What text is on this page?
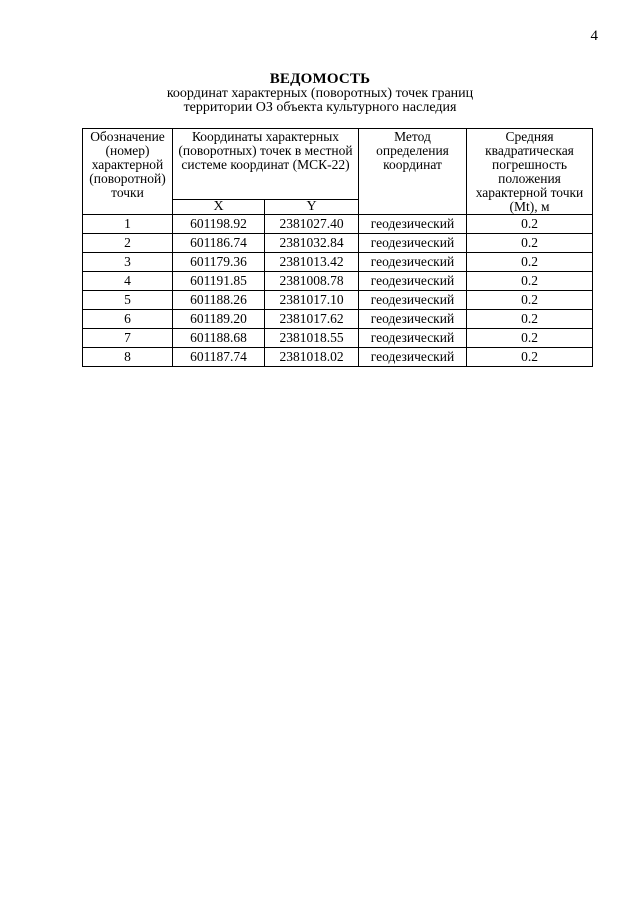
4
ВЕДОМОСТЬ
координат характерных (поворотных) точек границ
территории ОЗ объекта культурного наследия
Обозначение (номер) характерной (поворотной) точки	Координаты характерных (поворотных) точек в местной системе координат (МСК-22)		Метод определения координат	Средняя квадратическая погрешность положения характерной точки (Mt), м
	X	Y		
1	601198.92	2381027.40	геодезический	0.2
2	601186.74	2381032.84	геодезический	0.2
3	601179.36	2381013.42	геодезический	0.2
4	601191.85	2381008.78	геодезический	0.2
5	601188.26	2381017.10	геодезический	0.2
6	601189.20	2381017.62	геодезический	0.2
7	601188.68	2381018.55	геодезический	0.2
8	601187.74	2381018.02	геодезический	0.2
